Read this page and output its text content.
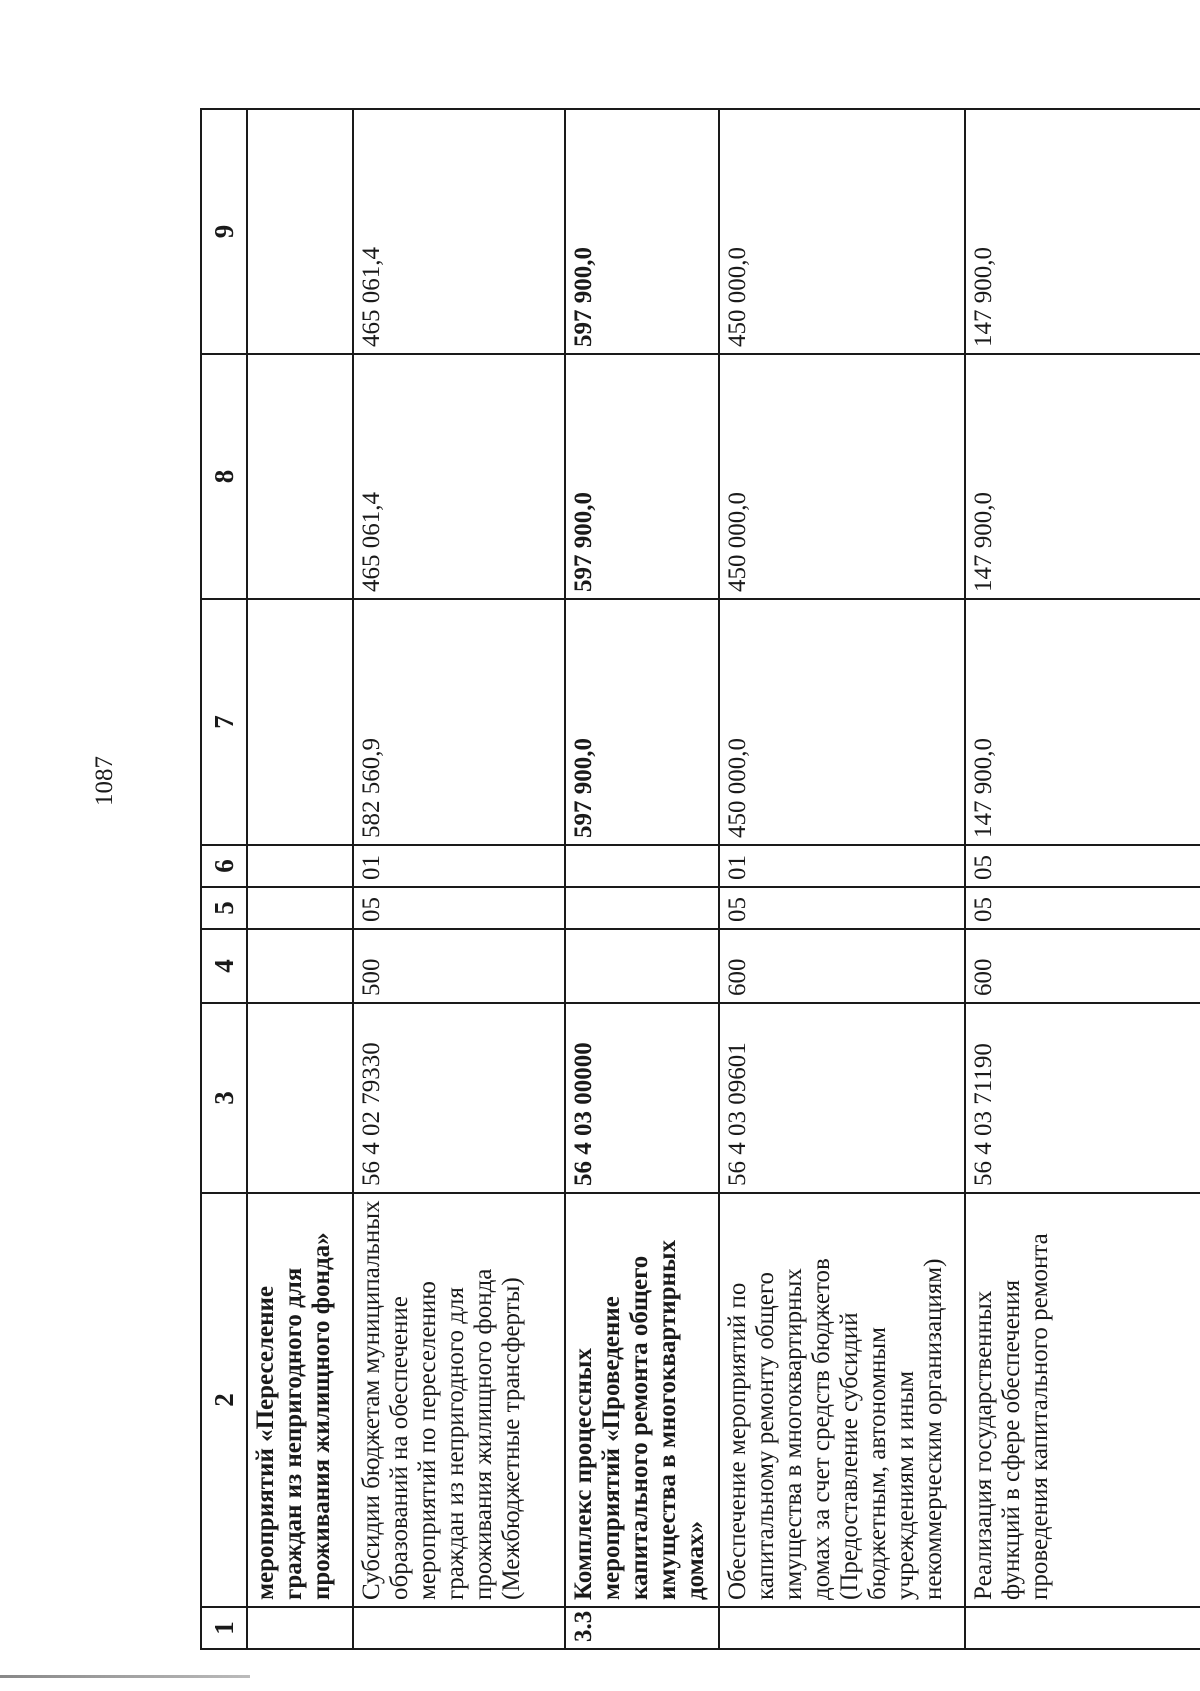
1087
1	2	3	4	5	6	7	8	9
	мероприятий «Переселение граждан из непригодного для проживания жилищного фонда»							
	Субсидии бюджетам муниципальных образований на обеспечение мероприятий по переселению граждан из непригодного для проживания жилищного фонда (Межбюджетные трансферты)	56 4 02 79330	500	05	01	582 560,9	465 061,4	465 061,4
3.3	Комплекс процессных мероприятий «Проведение капитального ремонта общего имущества в многоквартирных домах»	56 4 03 00000				597 900,0	597 900,0	597 900,0
	Обеспечение мероприятий по капитальному ремонту общего имущества в многоквартирных домах за счет средств бюджетов (Предоставление субсидий бюджетным, автономным учреждениям и иным некоммерческим организациям)	56 4 03 09601	600	05	01	450 000,0	450 000,0	450 000,0
	Реализация государственных функций в сфере обеспечения проведения капитального ремонта	56 4 03 71190	600	05	05	147 900,0	147 900,0	147 900,0
